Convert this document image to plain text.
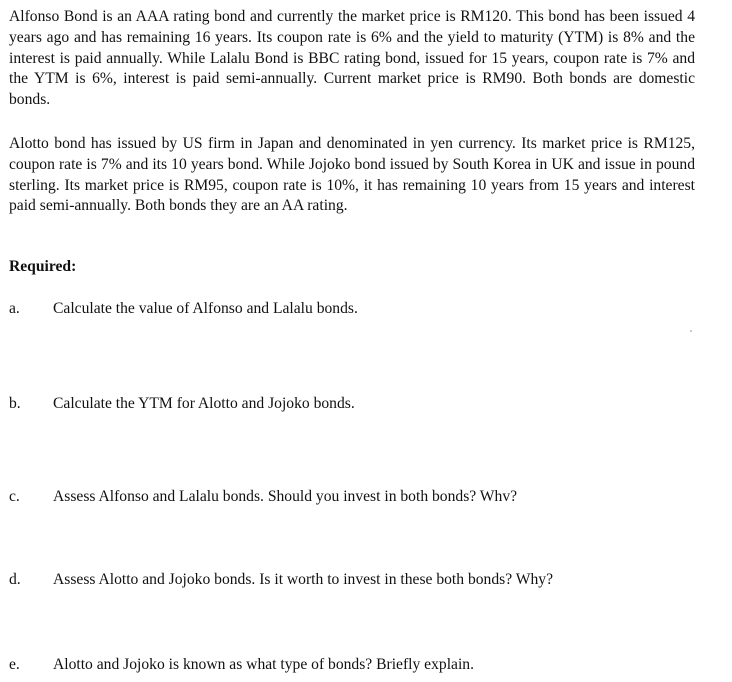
Alfonso Bond is an AAA rating bond and currently the market price is RM120. This bond has been issued 4 years ago and has remaining 16 years. Its coupon rate is 6% and the yield to maturity (YTM) is 8% and the interest is paid annually. While Lalalu Bond is BBC rating bond, issued for 15 years, coupon rate is 7% and the YTM is 6%, interest is paid semi-annually. Current market price is RM90. Both bonds are domestic bonds.

Alotto bond has issued by US firm in Japan and denominated in yen currency. Its market price is RM125, coupon rate is 7% and its 10 years bond. While Jojoko bond issued by South Korea in UK and issue in pound sterling. Its market price is RM95, coupon rate is 10%, it has remaining 10 years from 15 years and interest paid semi-annually. Both bonds they are an AA rating.

Required:

a. Calculate the value of Alfonso and Lalalu bonds.
b. Calculate the YTM for Alotto and Jojoko bonds.
c. Assess Alfonso and Lalalu bonds. Should you invest in both bonds? Whv?
d. Assess Alotto and Jojoko bonds. Is it worth to invest in these both bonds? Why?
e. Alotto and Jojoko is known as what type of bonds? Briefly explain.
